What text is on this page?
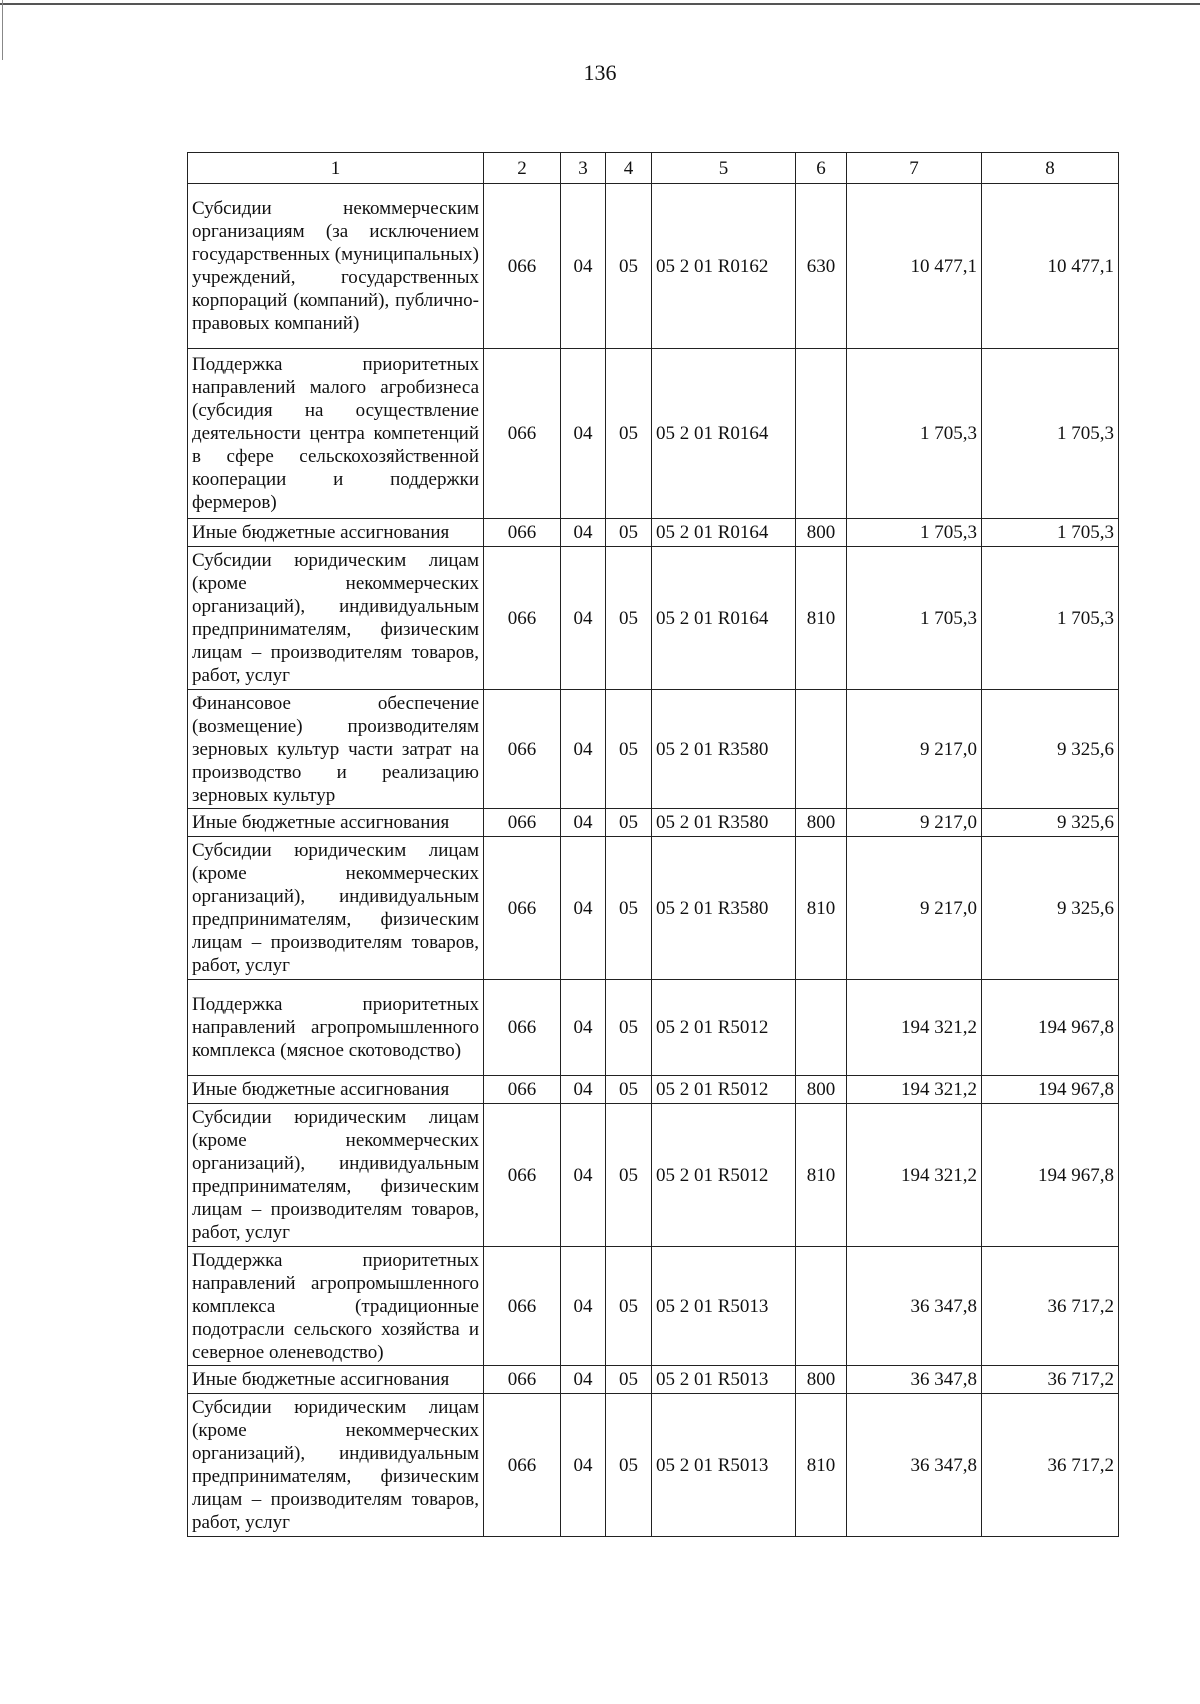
136
1	2	3	4	5	6	7	8
Субсидии некоммерческим организациям (за исключением государственных (муниципальных) учреждений, государственных корпораций (компаний), публично-правовых компаний)	066	04	05	05 2 01 R0162	630	10 477,1	10 477,1
Поддержка приоритетных направлений малого агробизнеса (субсидия на осуществление деятельности центра компетенций в сфере сельскохозяйственной кооперации и поддержки фермеров)	066	04	05	05 2 01 R0164		1 705,3	1 705,3
Иные бюджетные ассигнования	066	04	05	05 2 01 R0164	800	1 705,3	1 705,3
Субсидии юридическим лицам (кроме некоммерческих организаций), индивидуальным предпринимателям, физическим лицам – производителям товаров, работ, услуг	066	04	05	05 2 01 R0164	810	1 705,3	1 705,3
Финансовое обеспечение (возмещение) производителям зерновых культур части затрат на производство и реализацию зерновых культур	066	04	05	05 2 01 R3580		9 217,0	9 325,6
Иные бюджетные ассигнования	066	04	05	05 2 01 R3580	800	9 217,0	9 325,6
Субсидии юридическим лицам (кроме некоммерческих организаций), индивидуальным предпринимателям, физическим лицам – производителям товаров, работ, услуг	066	04	05	05 2 01 R3580	810	9 217,0	9 325,6
Поддержка приоритетных направлений агропромышленного комплекса (мясное скотоводство)	066	04	05	05 2 01 R5012		194 321,2	194 967,8
Иные бюджетные ассигнования	066	04	05	05 2 01 R5012	800	194 321,2	194 967,8
Субсидии юридическим лицам (кроме некоммерческих организаций), индивидуальным предпринимателям, физическим лицам – производителям товаров, работ, услуг	066	04	05	05 2 01 R5012	810	194 321,2	194 967,8
Поддержка приоритетных направлений агропромышленного комплекса (традиционные подотрасли сельского хозяйства и северное оленеводство)	066	04	05	05 2 01 R5013		36 347,8	36 717,2
Иные бюджетные ассигнования	066	04	05	05 2 01 R5013	800	36 347,8	36 717,2
Субсидии юридическим лицам (кроме некоммерческих организаций), индивидуальным предпринимателям, физическим лицам – производителям товаров, работ, услуг	066	04	05	05 2 01 R5013	810	36 347,8	36 717,2
